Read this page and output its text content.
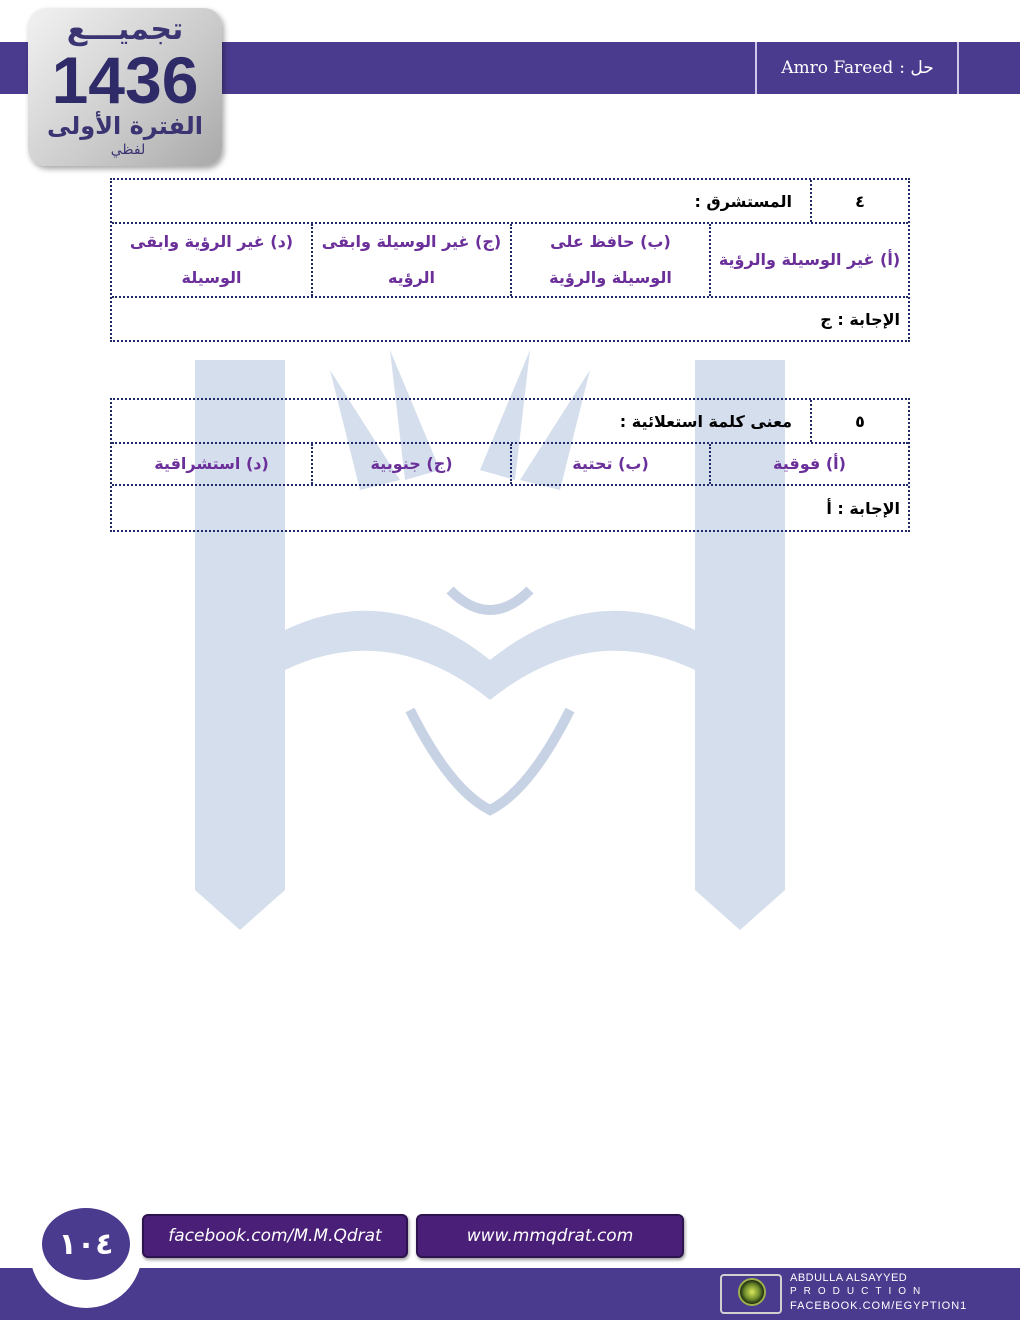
حل :
Amro Fareed
تجميـــع
1436
الفترة الأولى
لفظي
٤
المستشرق :
(أ) غير الوسيلة والرؤية
(ب) حافظ على الوسيلة والرؤية
(ج) غير الوسيلة وابقى الرؤيه
(د) غير الرؤية وابقى الوسيلة
الإجابة : ج
٥
معنى كلمة استعلائية :
(أ) فوقية
(ب) تحتية
(ج) جنوبية
(د) استشراقية
الإجابة : أ
١٠٤	facebook.com/M.M.Qdrat	www.mmqdrat.com
ABDULLA ALSAYYED
PRODUCTION
FACEBOOK.COM/EGYPTION1
